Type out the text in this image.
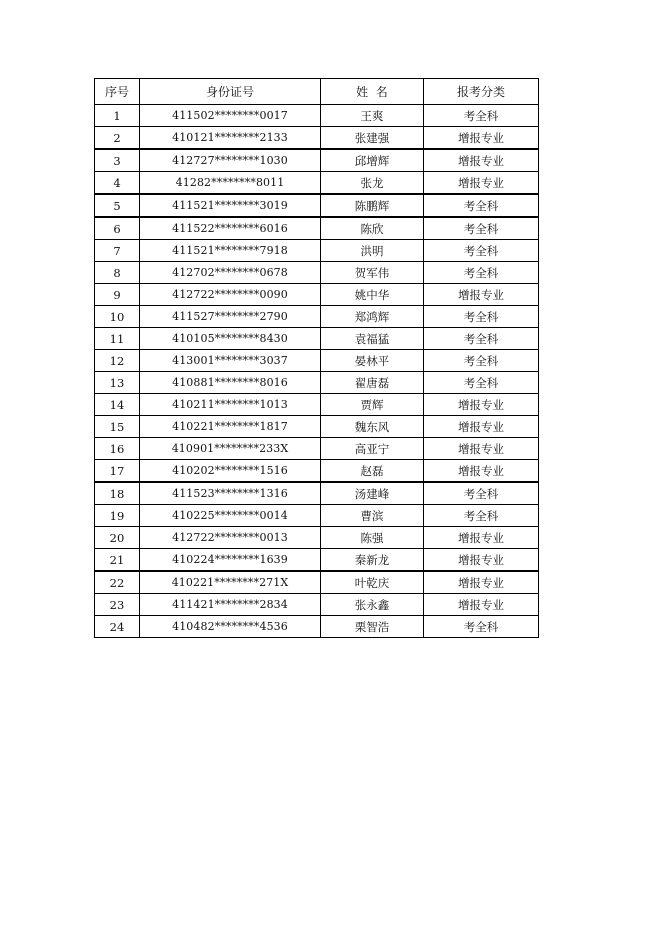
序号	身份证号	姓  名	报考分类
1	411502********0017	王爽	考全科
2	410121********2133	张建强	增报专业
3	412727********1030	邱增辉	增报专业
4	41282********8011	张龙	增报专业
5	411521********3019	陈鹏辉	考全科
6	411522********6016	陈欣	考全科
7	411521********7918	洪明	考全科
8	412702********0678	贺军伟	考全科
9	412722********0090	姚中华	增报专业
10	411527********2790	郑鸿辉	考全科
11	410105********8430	袁福猛	考全科
12	413001********3037	晏林平	考全科
13	410881********8016	翟唐磊	考全科
14	410211********1013	贾辉	增报专业
15	410221********1817	魏东风	增报专业
16	410901********233X	高亚宁	增报专业
17	410202********1516	赵磊	增报专业
18	411523********1316	汤建峰	考全科
19	410225********0014	曹滨	考全科
20	412722********0013	陈强	增报专业
21	410224********1639	秦新龙	增报专业
22	410221********271X	叶乾庆	增报专业
23	411421********2834	张永鑫	增报专业
24	410482********4536	栗智浩	考全科
